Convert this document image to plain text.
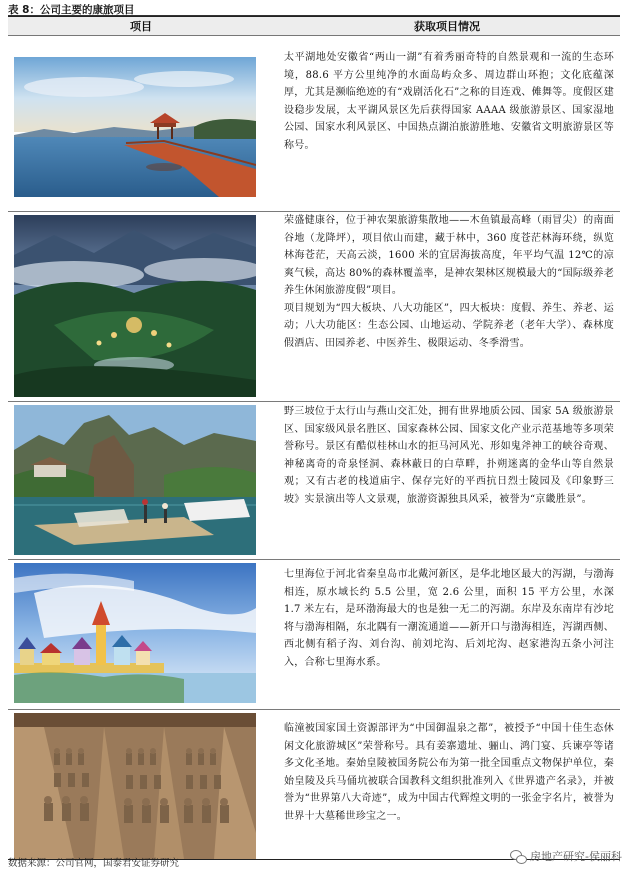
表 8：公司主要的康旅项目
项目	获取项目情况
太平湖地处安徽省“两山一湖”有着秀丽奇特的自然景观和一流的生态环境，88.6 平方公里纯净的水面岛屿众多、周边群山环抱；文化底蕴深厚，尤其是濒临绝迹的有“戏剧活化石”之称的目连戏、傩舞等。度假区建设稳步发展，太平湖风景区先后获得国家 AAAA 级旅游景区、国家湿地公园、国家水利风景区、中国热点湖泊旅游胜地、安徽省文明旅游景区等称号。
荣盛健康谷，位于神农架旅游集散地——木鱼镇最高峰（雨冒尖）的南面谷地（龙降坪），项目依山而建，藏于林中，360 度苍茫林海环绕，纵览林海苍茫，天高云淡，1600 米的宜居海拔高度，年平均气温 12℃的凉爽气候，高达 80%的森林覆盖率，是神农架林区规模最大的“国际级养老养生休闲旅游度假”项目。
项目规划为“四大板块、八大功能区”，四大板块：度假、养生、养老、运动；八大功能区：生态公园、山地运动、学院养老（老年大学）、森林度假酒店、田园养老、中医养生、极限运动、冬季滑雪。
野三坡位于太行山与燕山交汇处，拥有世界地质公园、国家 5A 级旅游景区、国家级风景名胜区、国家森林公园、国家文化产业示范基地等多项荣誉称号。景区有酷似桂林山水的拒马河风光、形如鬼斧神工的峡谷奇观、神秘离奇的奇泉怪洞、森林蔽日的白草畔，扑朔迷离的金华山等自然景观；又有古老的栈道庙宇、保存完好的平西抗日烈士陵园及《印象野三坡》实景演出等人文景观，旅游资源独具风采，被誉为“京畿胜景”。
七里海位于河北省秦皇岛市北戴河新区，是华北地区最大的泻湖，与渤海相连，原水域长约 5.5 公里，宽 2.6 公里，面积 15 平方公里，水深 1.7 米左右，是环渤海最大的也是独一无二的泻湖。东岸及东南岸有沙坨将与渤海相隔，东北隅有一潮流通道——新开口与渤海相连，泻湖西侧、西北侧有稻子沟、刘台沟、前刘坨沟、后刘坨沟、赵家港沟五条小河注入，合称七里海水系。
临潼被国家国土资源部评为“中国御温泉之都”，被授予“中国十佳生态休闲文化旅游城区”荣誉称号。具有姜寨遗址、骊山、鸿门宴、兵谏亭等诸多文化圣地。秦始皇陵被国务院公布为第一批全国重点文物保护单位，秦始皇陵及兵马俑坑被联合国教科文组织批准列入《世界遗产名录》，并被誉为“世界第八大奇迹”，成为中国古代辉煌文明的一张金字名片，被誉为世界十大墓稀世珍宝之一。
数据来源：公司官网，国泰君安证券研究
房地产研究-侯丽科
